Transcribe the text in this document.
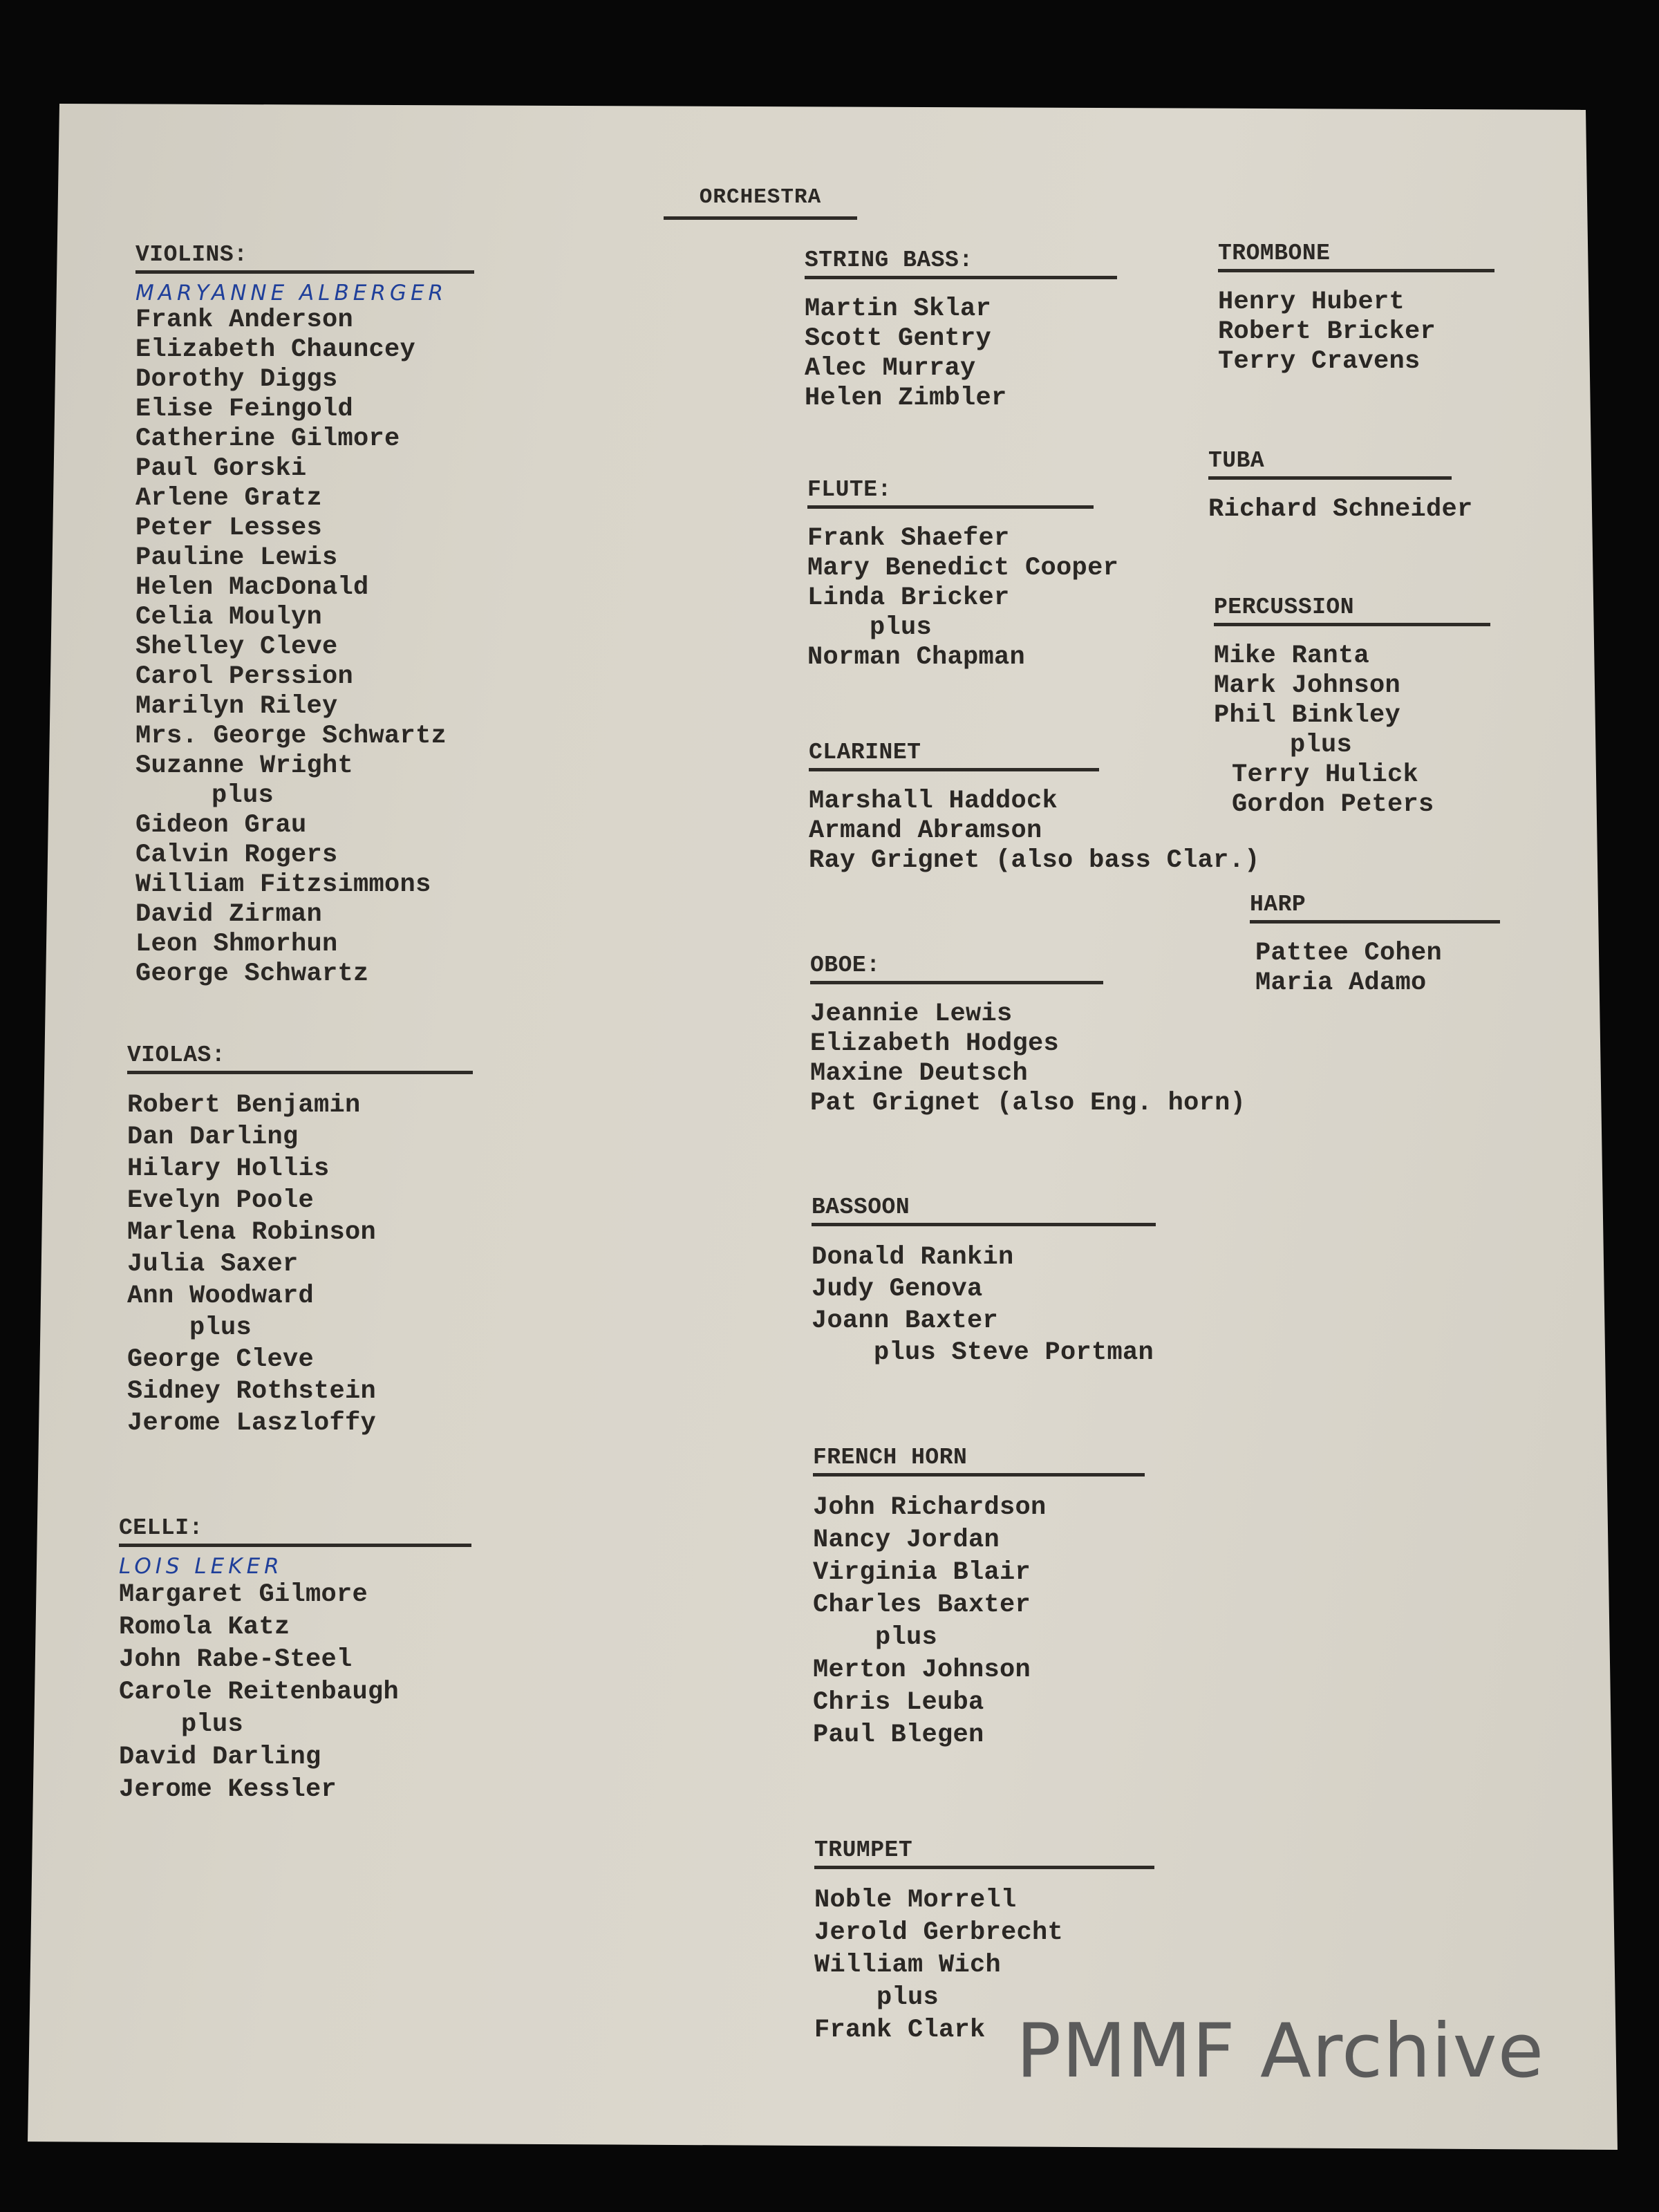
ORCHESTRA
VIOLINS:
MARYANNE ALBERGER
Frank Anderson
Elizabeth Chauncey
Dorothy Diggs
Elise Feingold
Catherine Gilmore
Paul Gorski
Arlene Gratz
Peter Lesses
Pauline Lewis
Helen MacDonald
Celia Moulyn
Shelley Cleve
Carol Perssion
Marilyn Riley
Mrs. George Schwartz
Suzanne Wright
plus
Gideon Grau
Calvin Rogers
William Fitzsimmons
David Zirman
Leon Shmorhun
George Schwartz
VIOLAS:
Robert Benjamin
Dan Darling
Hilary Hollis
Evelyn Poole
Marlena Robinson
Julia Saxer
Ann Woodward
plus
George Cleve
Sidney Rothstein
Jerome Laszloffy
CELLI:
LOIS LEKER
Margaret Gilmore
Romola Katz
John Rabe-Steel
Carole Reitenbaugh
plus
David Darling
Jerome Kessler
STRING BASS:
Martin Sklar
Scott Gentry
Alec Murray
Helen Zimbler
FLUTE:
Frank Shaefer
Mary Benedict Cooper
Linda Bricker
plus
Norman Chapman
CLARINET
Marshall Haddock
Armand Abramson
Ray Grignet (also bass Clar.)
OBOE:
Jeannie Lewis
Elizabeth Hodges
Maxine Deutsch
Pat Grignet (also Eng. horn)
BASSOON
Donald Rankin
Judy Genova
Joann Baxter
plus Steve Portman
FRENCH HORN
John Richardson
Nancy Jordan
Virginia Blair
Charles Baxter
plus
Merton Johnson
Chris Leuba
Paul Blegen
TRUMPET
Noble Morrell
Jerold Gerbrecht
William Wich
plus
Frank Clark
TROMBONE
Henry Hubert
Robert Bricker
Terry Cravens
TUBA
Richard Schneider
PERCUSSION
Mike Ranta
Mark Johnson
Phil Binkley
plus
Terry Hulick
Gordon Peters
HARP
Pattee Cohen
Maria Adamo
PMMF Archive
